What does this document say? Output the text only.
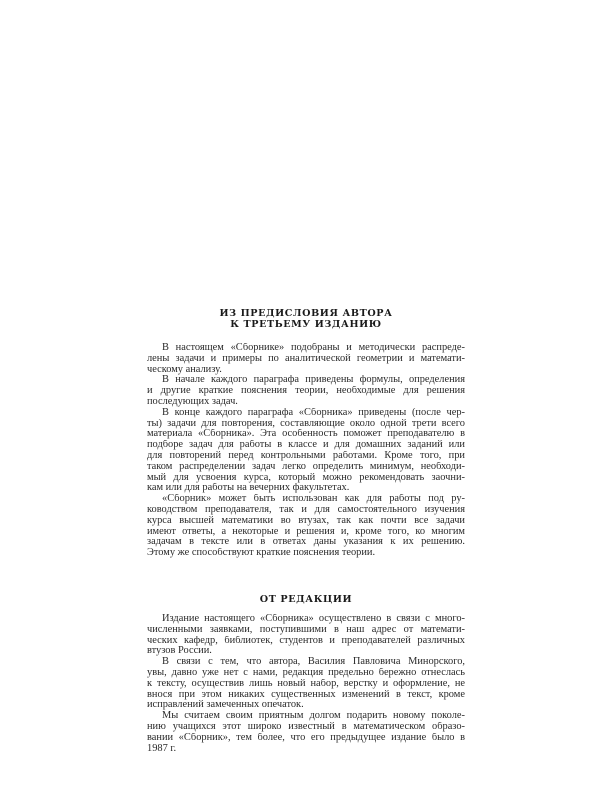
ИЗ ПРЕДИСЛОВИЯ АВТОРА
К ТРЕТЬЕМУ ИЗДАНИЮ
В настоящем «Сборнике» подобраны и методически распреде-
лены задачи и примеры по аналитической геометрии и математи-
ческому анализу.
В начале каждого параграфа приведены формулы, определения
и другие краткие пояснения теории, необходимые для решения
последующих задач.
В конце каждого параграфа «Сборника» приведены (после чер-
ты) задачи для повторения, составляющие около одной трети всего
материала «Сборника». Эта особенность поможет преподавателю в
подборе задач для работы в классе и для домашних заданий или
для повторений перед контрольными работами. Кроме того, при
таком распределении задач легко определить минимум, необходи-
мый для усвоения курса, который можно рекомендовать заочни-
кам или для работы на вечерних факультетах.
«Сборник» может быть использован как для работы под ру-
ководством преподавателя, так и для самостоятельного изучения
курса высшей математики во втузах, так как почти все задачи
имеют ответы, а некоторые и решения и, кроме того, ко многим
задачам в тексте или в ответах даны указания к их решению.
Этому же способствуют краткие пояснения теории.
ОТ РЕДАКЦИИ
Издание настоящего «Сборника» осуществлено в связи с много-
численными заявками, поступившими в наш адрес от математи-
ческих кафедр, библиотек, студентов и преподавателей различных
втузов России.
В связи с тем, что автора, Василия Павловича Минорского,
увы, давно уже нет с нами, редакция предельно бережно отнеслась
к тексту, осуществив лишь новый набор, верстку и оформление, не
внося при этом никаких существенных изменений в текст, кроме
исправлений замеченных опечаток.
Мы считаем своим приятным долгом подарить новому поколе-
нию учащихся этот широко известный в математическом образо-
вании «Сборник», тем более, что его предыдущее издание было в
1987 г.
